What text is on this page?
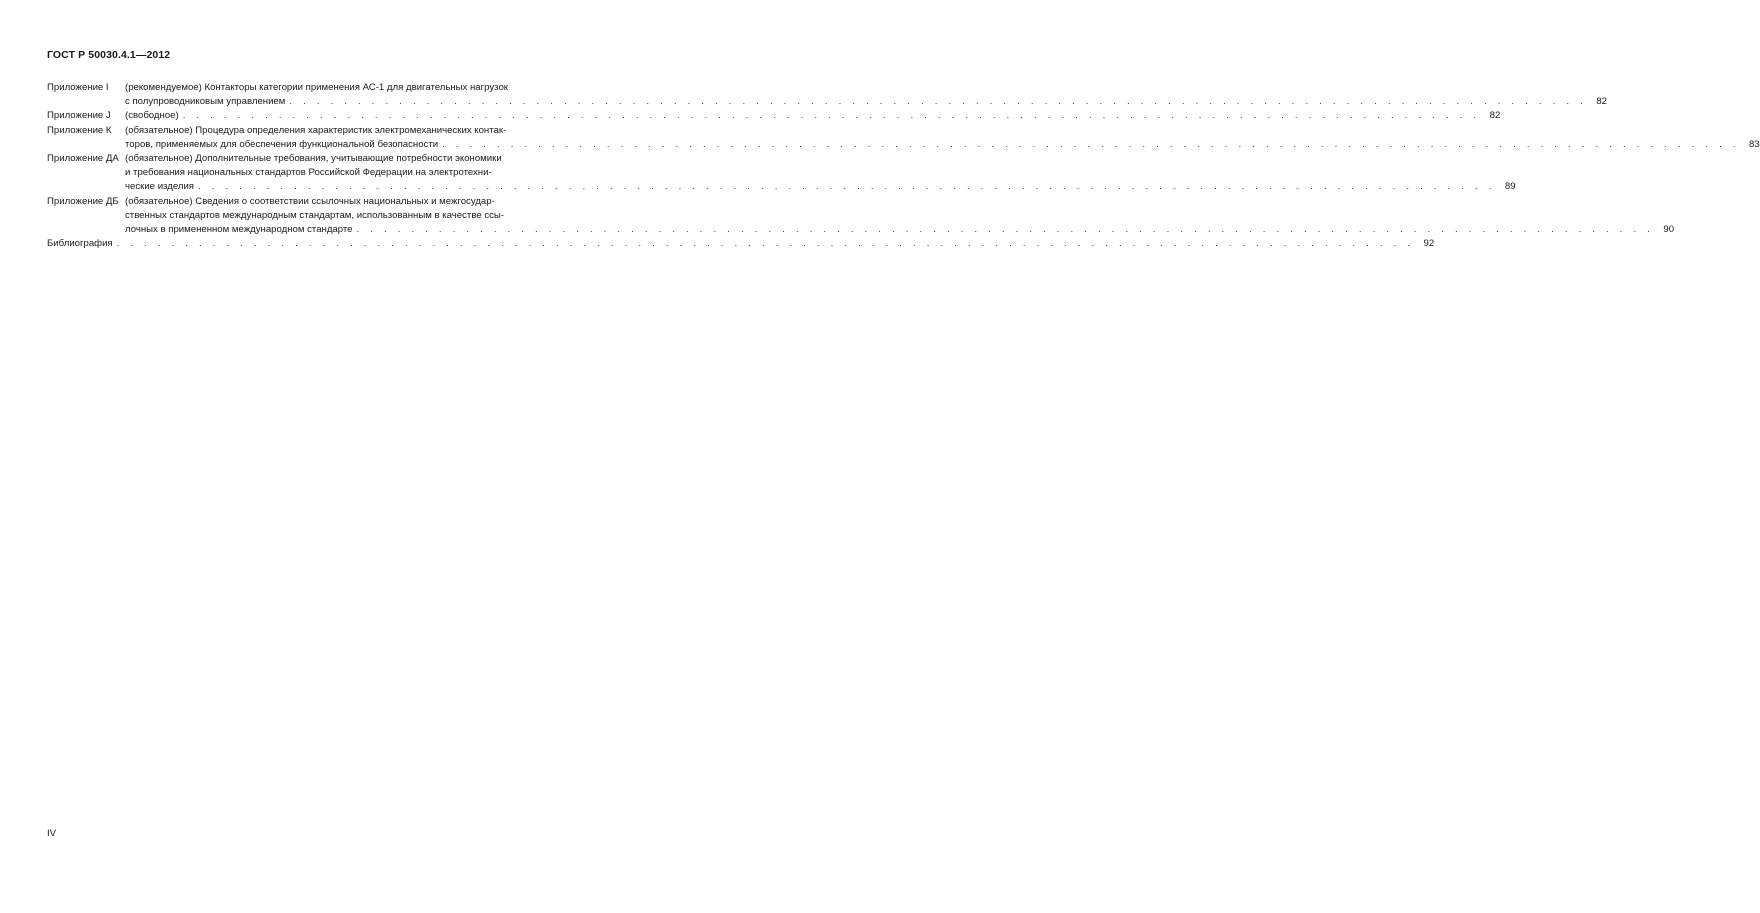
ГОСТ Р 50030.4.1—2012
Приложение I	(рекомендуемое) Контакторы категории применения АС-1 для двигательных нагрузок
с полупроводниковым управлением . . .	82
Приложение J	(свободное) . . .	82
Приложение К	(обязательное) Процедура определения характеристик электромеханических контак-
торов, применяемых для обеспечения функциональной безопасности . . .	83
Приложение ДА (обязательное) Дополнительные требования, учитывающие потребности экономики
и требования национальных стандартов Российской Федерации на электротехни-
ческие изделия . . .	89
Приложение ДБ (обязательное) Сведения о соответствии ссылочных национальных и межгосудар-
ственных стандартов международным стандартам, использованным в качестве ссы-
лочных в примененном международном стандарте . . .	90
Библиография . . .	92
IV
